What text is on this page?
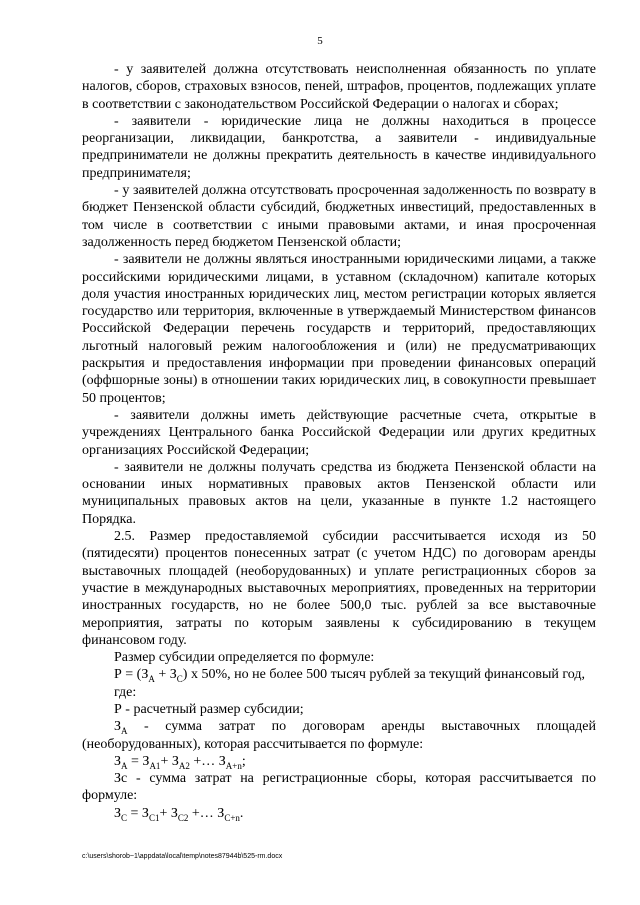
5

- у заявителей должна отсутствовать неисполненная обязанность по уплате налогов, сборов, страховых взносов, пеней, штрафов, процентов, подлежащих уплате в соответствии с законодательством Российской Федерации о налогах и сборах;

- заявители - юридические лица не должны находиться в процессе реорганизации, ликвидации, банкротства, а заявители - индивидуальные предприниматели не должны прекратить деятельность в качестве индивидуального предпринимателя;

- у заявителей должна отсутствовать просроченная задолженность по возврату в бюджет Пензенской области субсидий, бюджетных инвестиций, предоставленных в том числе в соответствии с иными правовыми актами, и иная просроченная задолженность перед бюджетом Пензенской области;

- заявители не должны являться иностранными юридическими лицами, а также российскими юридическими лицами, в уставном (складочном) капитале которых доля участия иностранных юридических лиц, местом регистрации которых является государство или территория, включенные в утверждаемый Министерством финансов Российской Федерации перечень государств и территорий, предоставляющих льготный налоговый режим налогообложения и (или) не предусматривающих раскрытия и предоставления информации при проведении финансовых операций (оффшорные зоны) в отношении таких юридических лиц, в совокупности превышает 50 процентов;

- заявители должны иметь действующие расчетные счета, открытые в учреждениях Центрального банка Российской Федерации или других кредитных организациях Российской Федерации;

- заявители не должны получать средства из бюджета Пензенской области на основании иных нормативных правовых актов Пензенской области или муниципальных правовых актов на цели, указанные в пункте 1.2 настоящего Порядка.

2.5. Размер предоставляемой субсидии рассчитывается исходя из 50 (пятидесяти) процентов понесенных затрат (с учетом НДС) по договорам аренды выставочных площадей (необорудованных) и уплате регистрационных сборов за участие в международных выставочных мероприятиях, проведенных на территории иностранных государств, но не более 500,0 тыс. рублей за все выставочные мероприятия, затраты по которым заявлены к субсидированию в текущем финансовом году.

Размер субсидии определяется по формуле:

$Р = (З_А + З_С)$ х 50%, но не более 500 тысяч рублей за текущий финансовый год,

где:

Р - расчетный размер субсидии;

$З_А$ - сумма затрат по договорам аренды выставочных площадей (необорудованных), которая рассчитывается по формуле:

$З_А = З_{А1}+ З_{А2}$ +… $З_{А+n}$;

Зс - сумма затрат на регистрационные сборы, которая рассчитывается по формуле:

$З_С = З_{С1}+ З_{С2}$ +… $З_{С+n}$.

c:\users\shorob~1\appdata\local\temp\notes87944b\525-rm.docx
